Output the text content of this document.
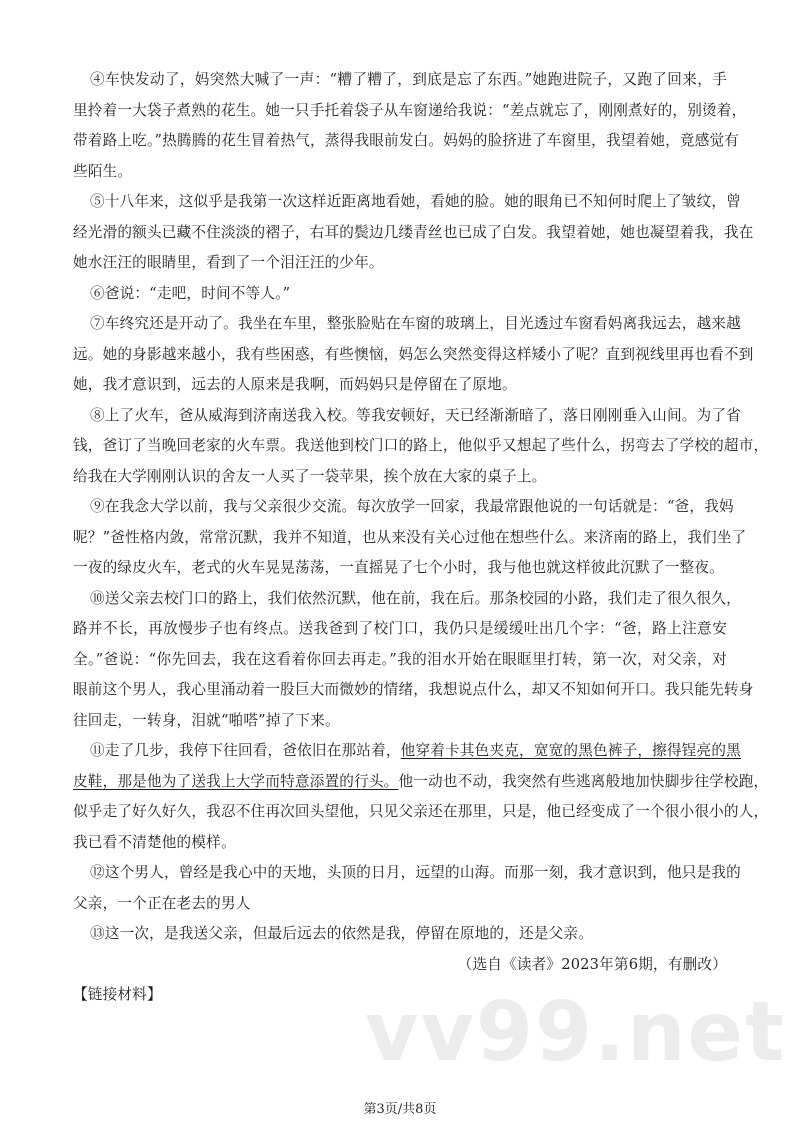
④车快发动了，妈突然大喊了一声：“糟了糟了，到底是忘了东西。”她跑进院子，又跑了回来，手
里拎着一大袋子煮熟的花生。她一只手托着袋子从车窗递给我说：“差点就忘了，刚刚煮好的，别烫着，
带着路上吃。”热腾腾的花生冒着热气，蒸得我眼前发白。妈妈的脸挤进了车窗里，我望着她，竟感觉有
些陌生。
⑤十八年来，这似乎是我第一次这样近距离地看她，看她的脸。她的眼角已不知何时爬上了皱纹，曾
经光滑的额头已藏不住淡淡的褶子，右耳的鬓边几缕青丝也已成了白发。我望着她，她也凝望着我，我在
她水汪汪的眼睛里，看到了一个泪汪汪的少年。
⑥爸说：“走吧，时间不等人。”
⑦车终究还是开动了。我坐在车里，整张脸贴在车窗的玻璃上，目光透过车窗看妈离我远去，越来越
远。她的身影越来越小，我有些困惑，有些懊恼，妈怎么突然变得这样矮小了呢？直到视线里再也看不到
她，我才意识到，远去的人原来是我啊，而妈妈只是停留在了原地。
⑧上了火车，爸从威海到济南送我入校。等我安顿好，天已经渐渐暗了，落日刚刚垂入山间。为了省
钱，爸订了当晚回老家的火车票。我送他到校门口的路上，他似乎又想起了些什么，拐弯去了学校的超市，
给我在大学刚刚认识的舍友一人买了一袋苹果，挨个放在大家的桌子上。
⑨在我念大学以前，我与父亲很少交流。每次放学一回家，我最常跟他说的一句话就是：“爸，我妈
呢？”爸性格内敛，常常沉默，我并不知道，也从来没有关心过他在想些什么。来济南的路上，我们坐了
一夜的绿皮火车，老式的火车晃晃荡荡，一直摇晃了七个小时，我与他也就这样彼此沉默了一整夜。
⑩送父亲去校门口的路上，我们依然沉默，他在前，我在后。那条校园的小路，我们走了很久很久，
路并不长，再放慢步子也有终点。送我爸到了校门口，我仍只是缓缓吐出几个字：“爸，路上注意安
全。”爸说：“你先回去，我在这看着你回去再走。”我的泪水开始在眼眶里打转，第一次，对父亲，对
眼前这个男人，我心里涌动着一股巨大而微妙的情绪，我想说点什么，却又不知如何开口。我只能先转身
往回走，一转身，泪就“啪嗒”掉了下来。
⑪走了几步，我停下往回看，爸依旧在那站着，他穿着卡其色夹克，宽宽的黑色裤子，擦得锃亮的黑
皮鞋，那是他为了送我上大学而特意添置的行头。他一动也不动，我突然有些逃离般地加快脚步往学校跑，
似乎走了好久好久，我忍不住再次回头望他，只见父亲还在那里，只是，他已经变成了一个很小很小的人，
我已看不清楚他的模样。
⑫这个男人，曾经是我心中的天地，头顶的日月，远望的山海。而那一刻，我才意识到，他只是我的
父亲，一个正在老去的男人
⑬这一次，是我送父亲，但最后远去的依然是我，停留在原地的，还是父亲。
（选自《读者》2023年第6期，有删改）
【链接材料】	vv99.net
第3页/共8页
